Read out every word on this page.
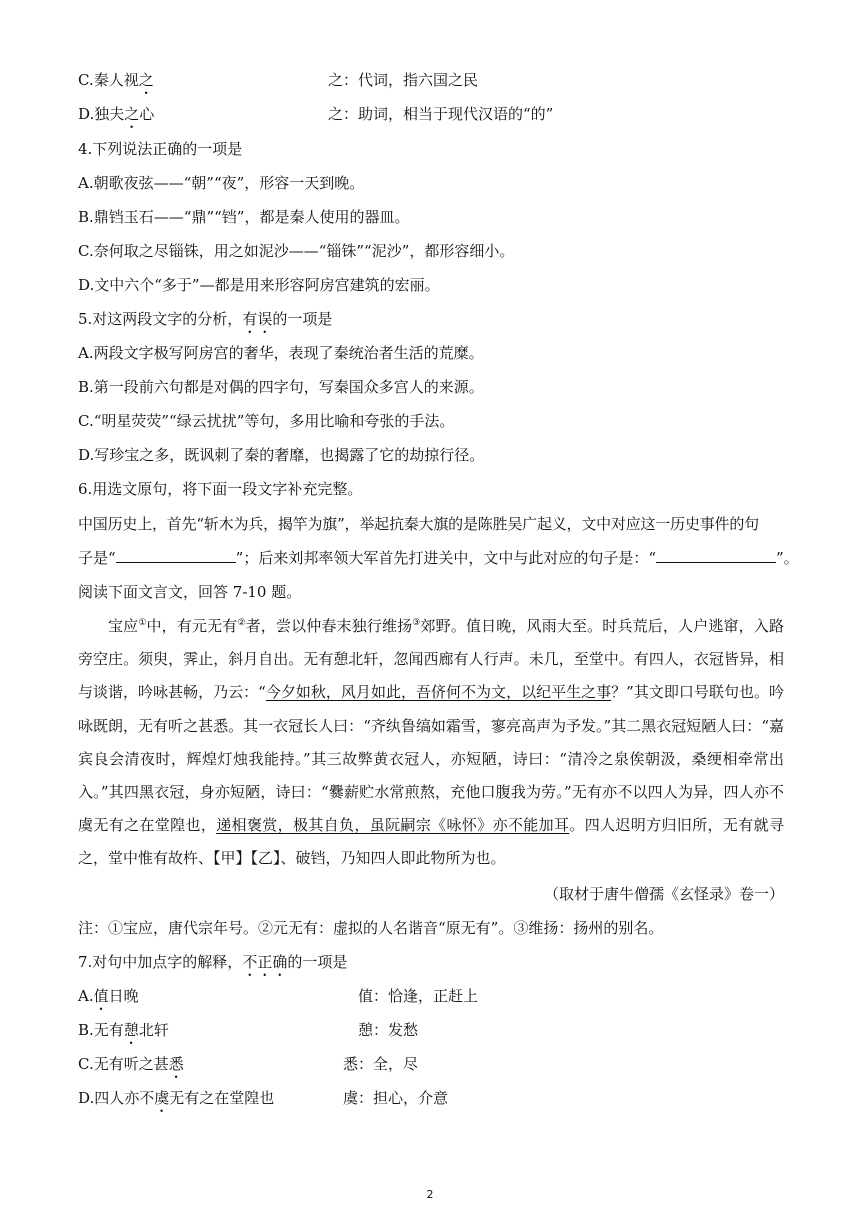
C.秦人视之	之：代词，指六国之民
D.独夫之心	之：助词，相当于现代汉语的“的”
4.下列说法正确的一项是
A.朝歌夜弦——“朝”“夜”，形容一天到晚。
B.鼎铛玉石——“鼎”“铛”，都是秦人使用的器皿。
C.奈何取之尽锱铢，用之如泥沙——“锱铢”“泥沙”，都形容细小。
D.文中六个“多于”—都是用来形容阿房宫建筑的宏丽。
5.对这两段文字的分析，有误的一项是
A.两段文字极写阿房宫的奢华，表现了秦统治者生活的荒糜。
B.第一段前六句都是对偶的四字句，写秦国众多宫人的来源。
C.“明星荧荧”“绿云扰扰”等句，多用比喻和夸张的手法。
D.写珍宝之多，既讽刺了秦的奢靡，也揭露了它的劫掠行径。
6.用选文原句，将下面一段文字补充完整。
中国历史上，首先“斩木为兵，揭竿为旗”，举起抗秦大旗的是陈胜吴广起义，文中对应这一历史事件的句
子是“	”；后来刘邦率领大军首先打进关中，文中与此对应的句子是：“	”。
阅读下面文言文，回答 7-10 题。
宝应①中，有元无有②者，尝以仲春末独行维扬③郊野。值日晚，风雨大至。时兵荒后，人户逃窜，入路旁空庄。须臾，霁止，斜月自出。无有憩北轩，忽闻西廊有人行声。未几，至堂中。有四人，衣冠皆异，相与谈谐，吟咏甚畅，乃云：“今夕如秋，风月如此，吾侪何不为文，以纪平生之事？”其文即口号联句也。吟咏既朗，无有听之甚悉。其一衣冠长人曰：“齐纨鲁缟如霜雪，寥亮高声为予发。”其二黑衣冠短陋人曰：“嘉宾良会清夜时，辉煌灯烛我能持。”其三故弊黄衣冠人，亦短陋，诗曰：“清冷之泉俟朝汲，桑绠相牵常出入。”其四黑衣冠，身亦短陋，诗曰：“爨薪贮水常煎熬，充他口腹我为劳。”无有亦不以四人为异，四人亦不虞无有之在堂隍也，递相褒赏，极其自负，虽阮嗣宗《咏怀》亦不能加耳。四人迟明方归旧所，无有就寻之，堂中惟有故杵、【甲】【乙】、破铛，乃知四人即此物所为也。
（取材于唐牛僧孺《玄怪录》卷一）
注：①宝应，唐代宗年号。②元无有：虚拟的人名谐音“原无有”。③维扬：扬州的别名。
7.对句中加点字的解释，不正确的一项是
A.值日晚	值：恰逢，正赶上
B.无有憩北轩	憩：发愁
C.无有听之甚悉	悉：全，尽
D.四人亦不虞无有之在堂隍也	虞：担心，介意
2
